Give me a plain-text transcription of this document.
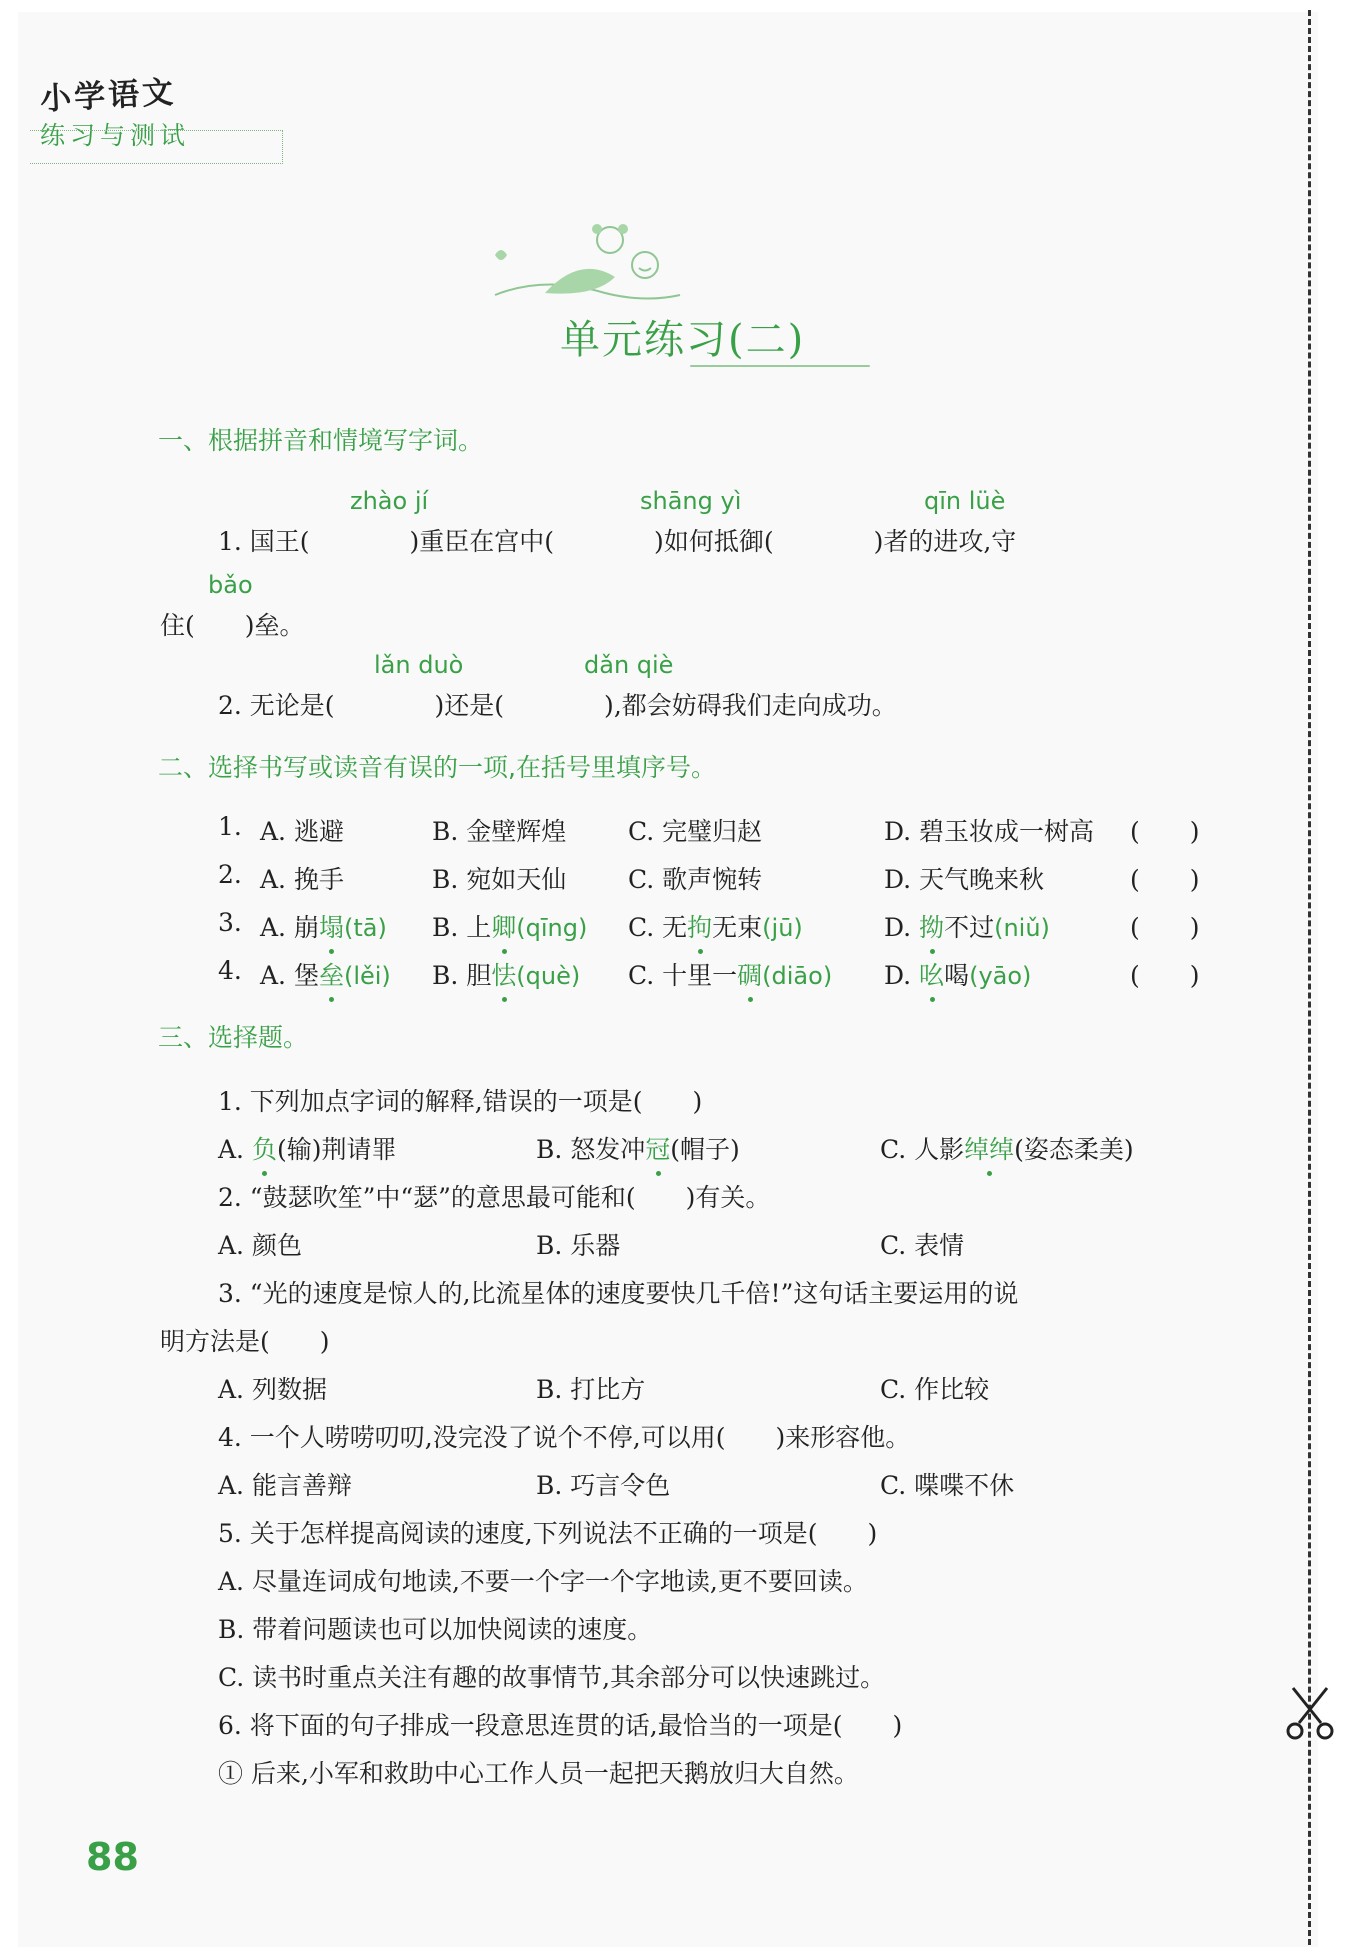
小学语文
练习与测试
单元练习(二)
一、根据拼音和情境写字词。
zhào jí	shāng yì	qīn lüè
1. 国王(　　　　)重臣在宫中(　　　　)如何抵御(　　　　)者的进攻,守
bǎo
住(　　)垒。
lǎn duò	dǎn qiè
2. 无论是(　　　　)还是(　　　　),都会妨碍我们走向成功。
二、选择书写或读音有误的一项,在括号里填序号。
1. A. 逃避	B. 金壁辉煌 C. 完璧归赵	D. 碧玉妆成一树高 (　　)
2. A. 挽手	B. 宛如天仙 C. 歌声惋转	D. 天气晚来秋	(　　)
3. A. 崩塌(tā) B. 上卿(qīng) C. 无拘无束(jū)	D. 拗不过(niǔ)	(　　)
4. A. 堡垒(lěi) B. 胆怯(què) C. 十里一碉(diāo) D. 吆喝(yāo)	(　　)
三、选择题。
1. 下列加点字词的解释,错误的一项是(　　)
A. 负(输)荆请罪	B. 怒发冲冠(帽子)	C. 人影绰绰(姿态柔美)
2. “鼓瑟吹笙”中“瑟”的意思最可能和(　　)有关。
A. 颜色	B. 乐器	C. 表情
3. “光的速度是惊人的,比流星体的速度要快几千倍!”这句话主要运用的说
明方法是(　　)
A. 列数据	B. 打比方	C. 作比较
4. 一个人唠唠叨叨,没完没了说个不停,可以用(　　)来形容他。
A. 能言善辩	B. 巧言令色	C. 喋喋不休
5. 关于怎样提高阅读的速度,下列说法不正确的一项是(　　)
A. 尽量连词成句地读,不要一个字一个字地读,更不要回读。
B. 带着问题读也可以加快阅读的速度。
C. 读书时重点关注有趣的故事情节,其余部分可以快速跳过。
6. 将下面的句子排成一段意思连贯的话,最恰当的一项是(　　)
① 后来,小军和救助中心工作人员一起把天鹅放归大自然。
88
